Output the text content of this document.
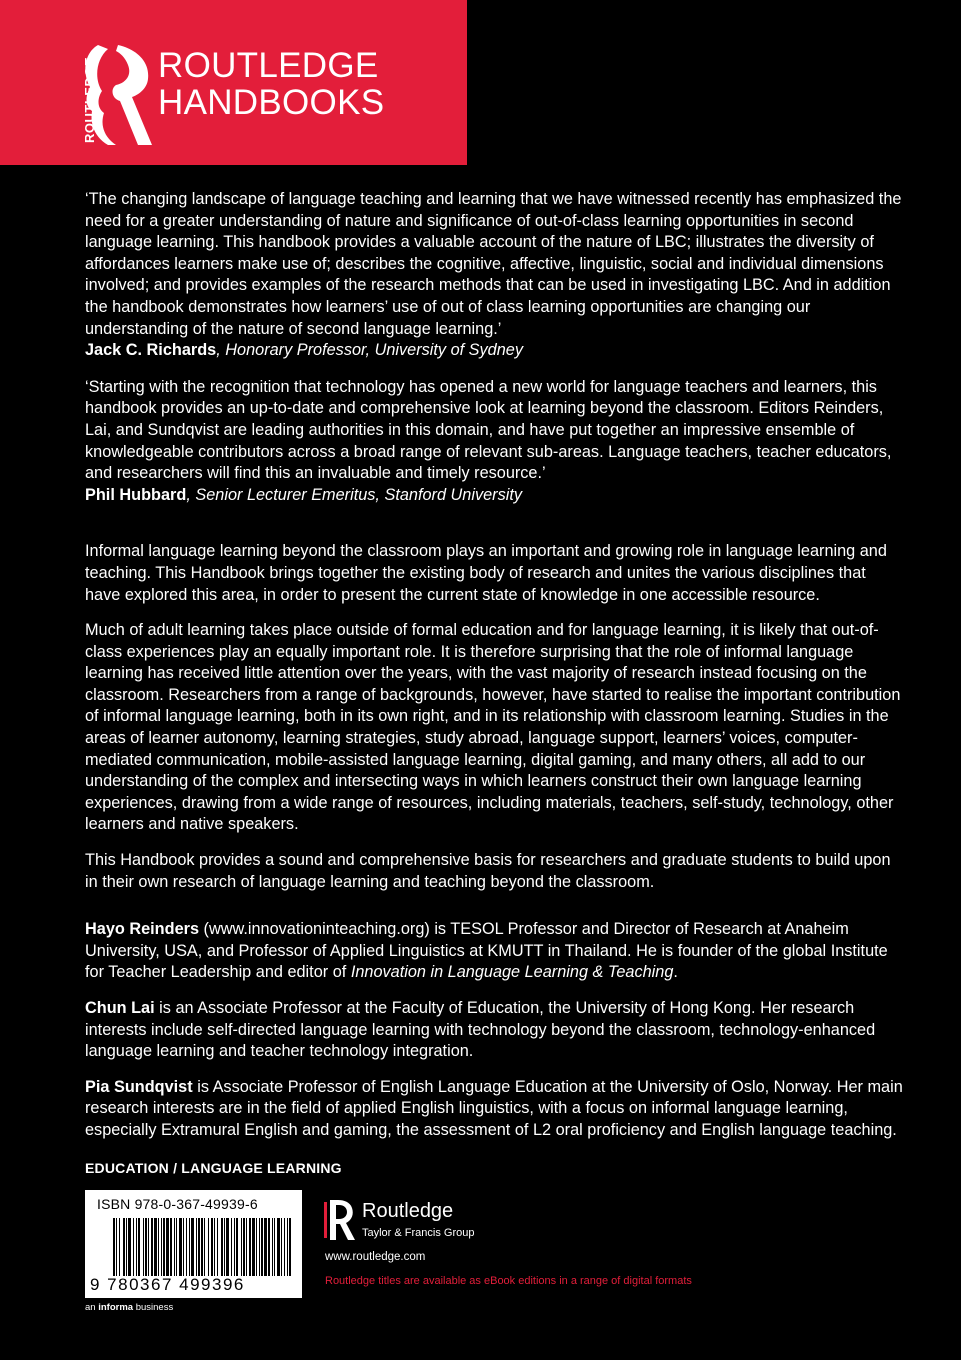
ROUTLEDGE ROUTLEDGE
HANDBOOKS

‘The changing landscape of language teaching and learning that we have witnessed recently has emphasized the need for a greater understanding of nature and significance of out-of-class learning opportunities in second language learning. This handbook provides a valuable account of the nature of LBC; illustrates the diversity of affordances learners make use of; describes the cognitive, affective, linguistic, social and individual dimensions involved; and provides examples of the research methods that can be used in investigating LBC. And in addition the handbook demonstrates how learners’ use of out of class learning opportunities are changing our understanding of the nature of second language learning.’
Jack C. Richards, Honorary Professor, University of Sydney

‘Starting with the recognition that technology has opened a new world for language teachers and learners, this handbook provides an up-to-date and comprehensive look at learning beyond the classroom. Editors Reinders, Lai, and Sundqvist are leading authorities in this domain, and have put together an impressive ensemble of knowledgeable contributors across a broad range of relevant sub-areas. Language teachers, teacher educators, and researchers will find this an invaluable and timely resource.’
Phil Hubbard, Senior Lecturer Emeritus, Stanford University

Informal language learning beyond the classroom plays an important and growing role in language learning and teaching. This Handbook brings together the existing body of research and unites the various disciplines that have explored this area, in order to present the current state of knowledge in one accessible resource.

Much of adult learning takes place outside of formal education and for language learning, it is likely that out-of-class experiences play an equally important role. It is therefore surprising that the role of informal language learning has received little attention over the years, with the vast majority of research instead focusing on the classroom. Researchers from a range of backgrounds, however, have started to realise the important contribution of informal language learning, both in its own right, and in its relationship with classroom learning. Studies in the areas of learner autonomy, learning strategies, study abroad, language support, learners’ voices, computer-mediated communication, mobile-assisted language learning, digital gaming, and many others, all add to our understanding of the complex and intersecting ways in which learners construct their own language learning experiences, drawing from a wide range of resources, including materials, teachers, self-study, technology, other learners and native speakers.

This Handbook provides a sound and comprehensive basis for researchers and graduate students to build upon in their own research of language learning and teaching beyond the classroom.

Hayo Reinders (www.innovationinteaching.org) is TESOL Professor and Director of Research at Anaheim University, USA, and Professor of Applied Linguistics at KMUTT in Thailand. He is founder of the global Institute for Teacher Leadership and editor of Innovation in Language Learning & Teaching.

Chun Lai is an Associate Professor at the Faculty of Education, the University of Hong Kong. Her research interests include self-directed language learning with technology beyond the classroom, technology-enhanced language learning and teacher technology integration.

Pia Sundqvist is Associate Professor of English Language Education at the University of Oslo, Norway. Her main research interests are in the field of applied English linguistics, with a focus on informal language learning, especially Extramural English and gaming, the assessment of L2 oral proficiency and English language teaching.

EDUCATION / LANGUAGE LEARNING
ISBN 978-0-367-49939-6
9 780367 499396
an informa business
Routledge
Taylor & Francis Group
www.routledge.com
Routledge titles are available as eBook editions in a range of digital formats
